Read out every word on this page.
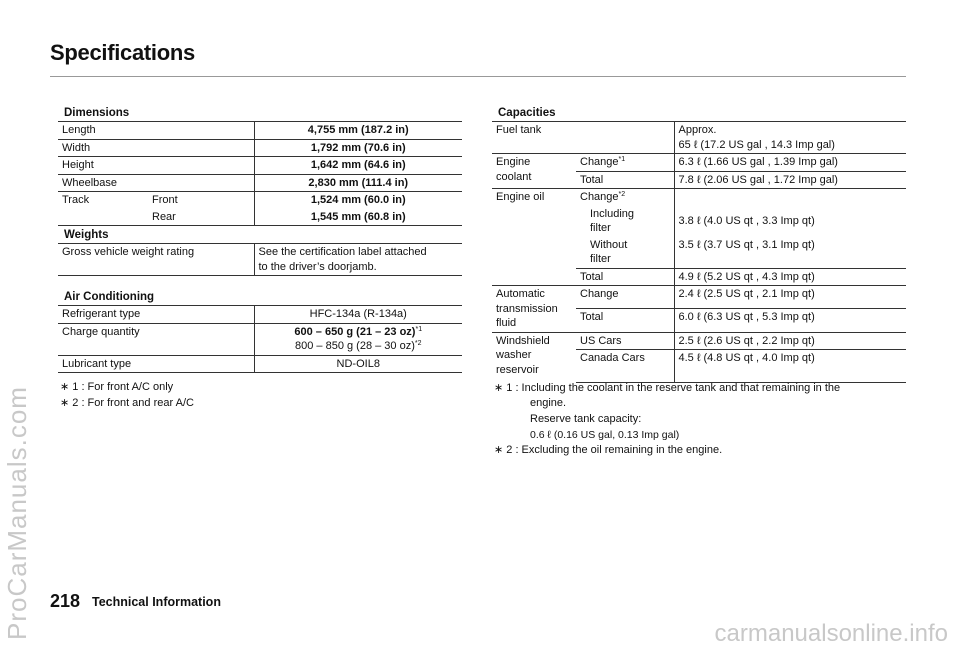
Specifications
Dimensions
Length		4,755 mm (187.2 in)
Width		1,792 mm (70.6 in)
Height		1,642 mm (64.6 in)
Wheelbase		2,830 mm (111.4 in)
Track	Front	1,524 mm (60.0 in)
	Rear	1,545 mm (60.8 in)
Weights
Gross vehicle weight rating	See the certification label attached
to the driver’s doorjamb.
Air Conditioning
Refrigerant type	HFC-134a (R-134a)
Charge quantity	600 – 650 g (21 – 23 oz)$^{*1}$
800 – 850 g (28 – 30 oz)$^{*2}$

Lubricant type	ND-OIL8
∗ 1 : For front A/C only
∗ 2 : For front and rear A/C
Capacities
Fuel tank		Approx.
65 ℓ (17.2 US gal , 14.3 Imp gal)

Engine
coolant	Change$^{*1}$	6.3 ℓ (1.66 US gal , 1.39 Imp gal)
	Total	7.8 ℓ (2.06 US gal , 1.72 Imp gal)
Engine oil	Change$^{*2}$	

	Including
filter	3.8 ℓ (4.0 US qt , 3.3 Imp qt)

	Without
filter	3.5 ℓ (3.7 US qt , 3.1 Imp qt)
	Total	4.9 ℓ (5.2 US qt , 4.3 Imp qt)

Automatic
transmission
fluid	Change	2.4 ℓ (2.5 US qt , 2.1 Imp qt)
	Total	6.0 ℓ (6.3 US qt , 5.3 Imp qt)

Windshield
washer
reservoir	US Cars	2.5 ℓ (2.6 US qt , 2.2 Imp qt)
	Canada Cars	4.5 ℓ (4.8 US qt , 4.0 Imp qt)
∗ 1 : Including the coolant in the reserve tank and that remaining in the
engine.
Reserve tank capacity:
0.6 ℓ (0.16 US gal, 0.13 Imp gal)
∗ 2 : Excluding the oil remaining in the engine.
218 Technical Information
ProCarManuals.com	carmanualsonline.info
